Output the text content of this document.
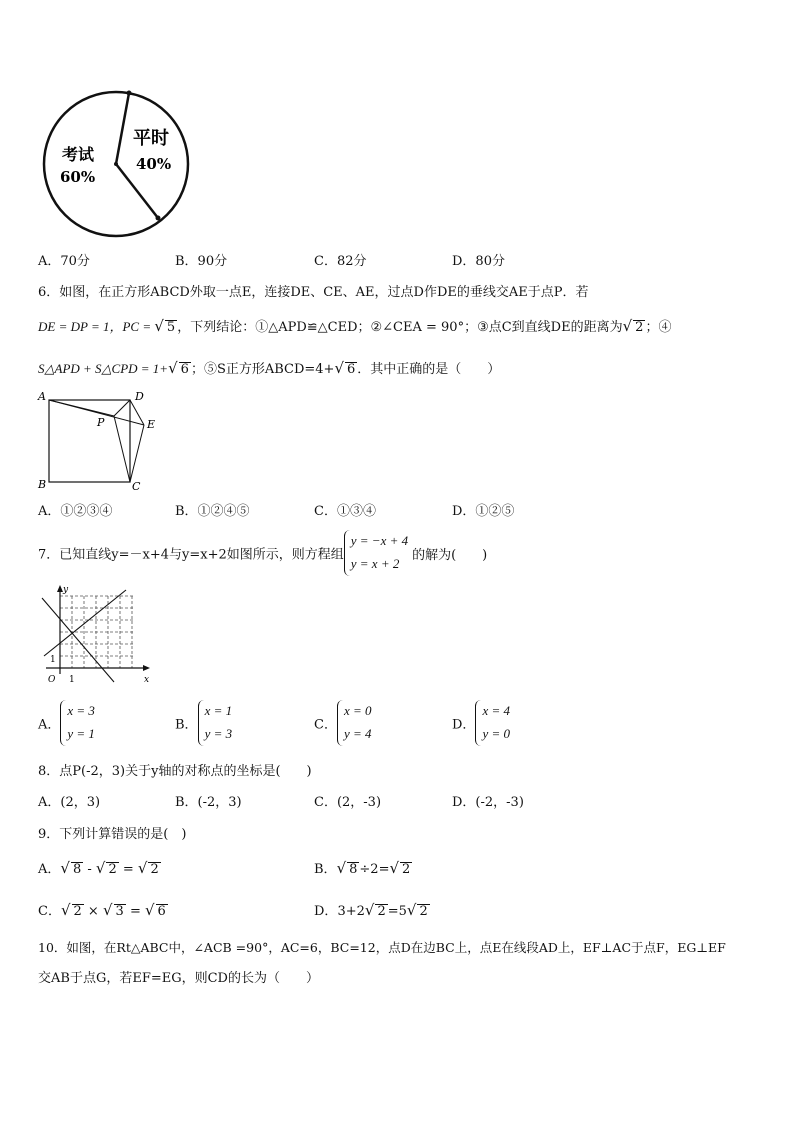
考试
60%
平时
40%
A．70分	B．90分	C．82分	D．80分
6．如图，在正方形ABCD外取一点E，连接DE、CE、AE，过点D作DE的垂线交AE于点P．若
DE = DP = 1，PC = √ 5 ，下列结论：①△APD≌△CED；②∠CEA = 90°；③点C到直线DE的距离为√ 2 ；④
S△APD + S△CPD = 1+√ 6 ；⑤S正方形ABCD=4+√ 6 ．其中正确的是（　　）
A	D
P	E
B	C
A．①②③④	B．①②④⑤	C．①③④	D．①②⑤
7．已知直线y=－x+4与y=x+2如图所示，则方程组y = −x + 4
y = x + 2的解为(　　)
y
x
O 1
1
A．x = 3
y = 1
B．x = 1
y = 3
C．x = 0
y = 4
D．x = 4
y = 0
8．点P(-2，3)关于y轴的对称点的坐标是(　　)
A．(2，3)	B．(-2，3)	C．(2，-3)	D．(-2，-3)
9．下列计算错误的是(　)
A．√ 8 - √ 2 = √ 2	B．√ 8 ÷2=√ 2
C．√ 2 × √ 3 = √ 6	D．3+2√ 2 =5√ 2
10．如图，在Rt△ABC中，∠ACB =90°，AC=6，BC=12，点D在边BC上，点E在线段AD上，EF⊥AC于点F，EG⊥EF
交AB于点G，若EF=EG，则CD的长为（　　）
